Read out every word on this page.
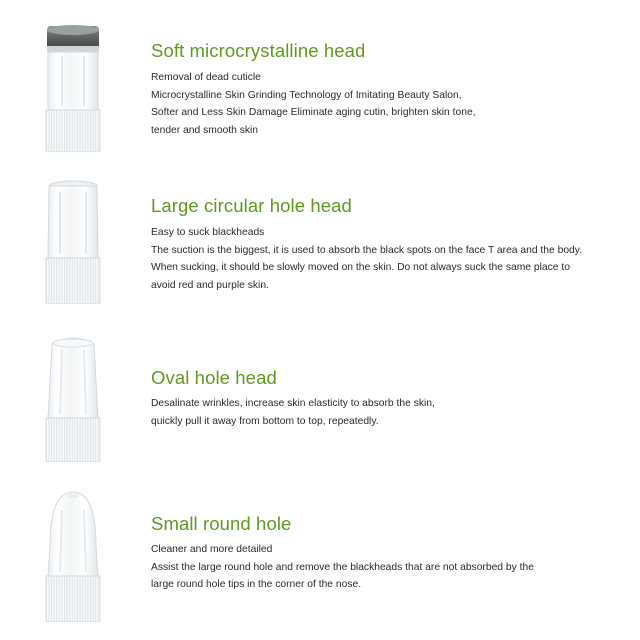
Soft microcrystalline head

Removal of dead cuticle
Microcrystalline Skin Grinding Technology of Imitating Beauty Salon,
Softer and Less Skin Damage Eliminate aging cutin, brighten skin tone,
tender and smooth skin

Large circular hole head

Easy to suck blackheads
The suction is the biggest, it is used to absorb the black spots on the face T area and the body.
When sucking, it should be slowly moved on the skin. Do not always suck the same place to
avoid red and purple skin.

Oval hole head

Desalinate wrinkles, increase skin elasticity to absorb the skin,
quickly pull it away from bottom to top, repeatedly.

Small round hole

Cleaner and more detailed
Assist the large round hole and remove the blackheads that are not absorbed by the
large round hole tips in the corner of the nose.
